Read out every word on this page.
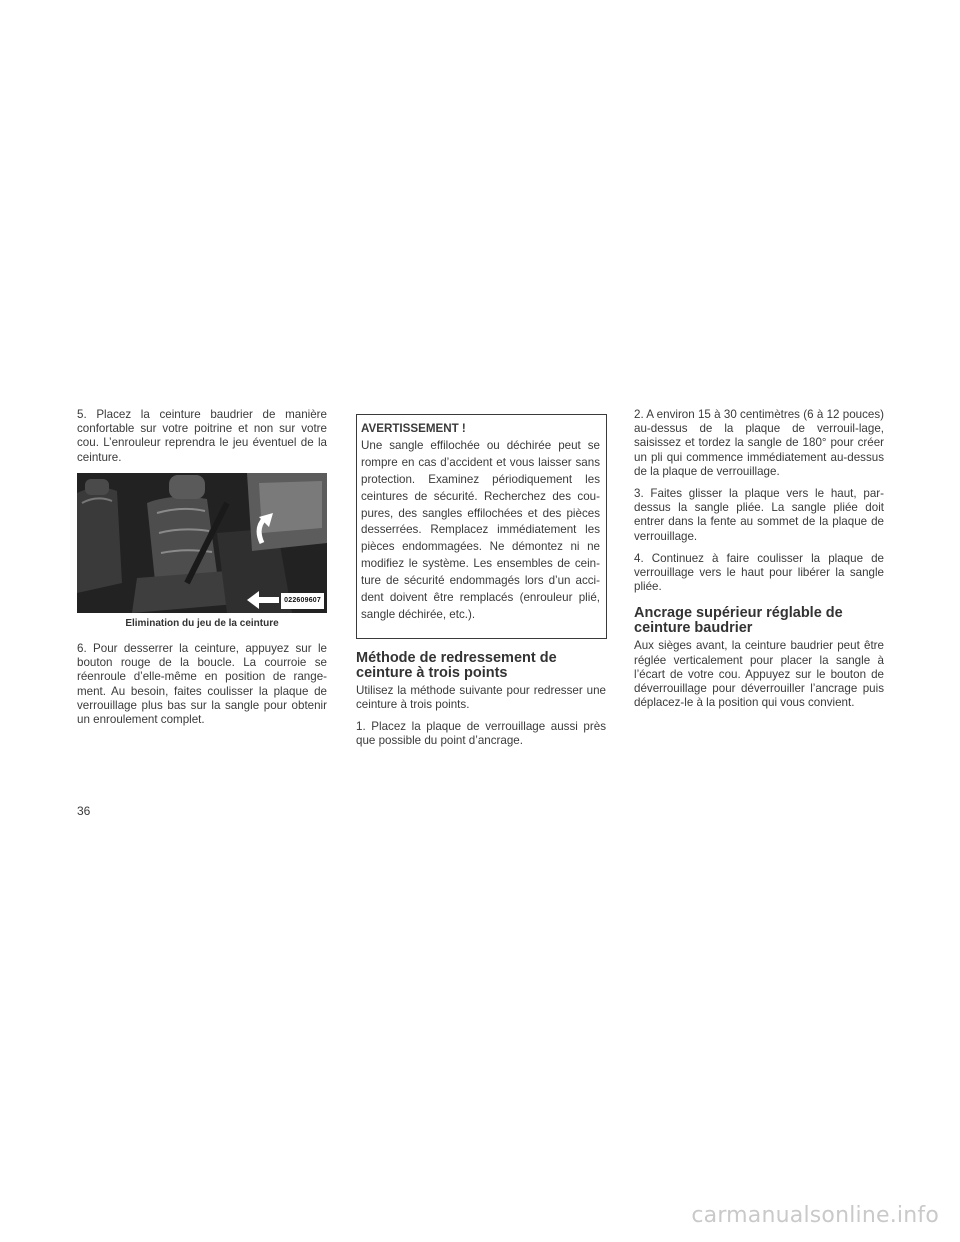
5. Placez la ceinture baudrier de manière confortable sur votre poitrine et non sur votre cou. L’enrouleur reprendra le jeu éventuel de la ceinture.

022609607
Elimination du jeu de la ceinture

6. Pour desserrer la ceinture, appuyez sur le bouton rouge de la boucle. La courroie se réenroule d’elle-même en position de range-ment. Au besoin, faites coulisser la plaque de verrouillage plus bas sur la sangle pour obtenir un enroulement complet.

AVERTISSEMENT !

Une sangle effilochée ou déchirée peut se rompre en cas d’accident et vous laisser sans protection. Examinez périodiquement les ceintures de sécurité. Recherchez des cou-pures, des sangles effilochées et des pièces desserrées. Remplacez immédiatement les pièces endommagées. Ne démontez ni ne modifiez le système. Les ensembles de cein-ture de sécurité endommagés lors d’un acci-dent doivent être remplacés (enrouleur plié, sangle déchirée, etc.).

Méthode de redressement de ceinture à trois points

Utilisez la méthode suivante pour redresser une ceinture à trois points.

1. Placez la plaque de verrouillage aussi près que possible du point d’ancrage.

2. A environ 15 à 30 centimètres (6 à 12 pouces) au-dessus de la plaque de verrouil-lage, saisissez et tordez la sangle de 180° pour créer un pli qui commence immédiatement au-dessus de la plaque de verrouillage.

3. Faites glisser la plaque vers le haut, par-dessus la sangle pliée. La sangle pliée doit entrer dans la fente au sommet de la plaque de verrouillage.

4. Continuez à faire coulisser la plaque de verrouillage vers le haut pour libérer la sangle pliée.

Ancrage supérieur réglable de ceinture baudrier

Aux sièges avant, la ceinture baudrier peut être réglée verticalement pour placer la sangle à l’écart de votre cou. Appuyez sur le bouton de déverrouillage pour déverrouiller l’ancrage puis déplacez-le à la position qui vous convient.

36
carmanualsonline.info
